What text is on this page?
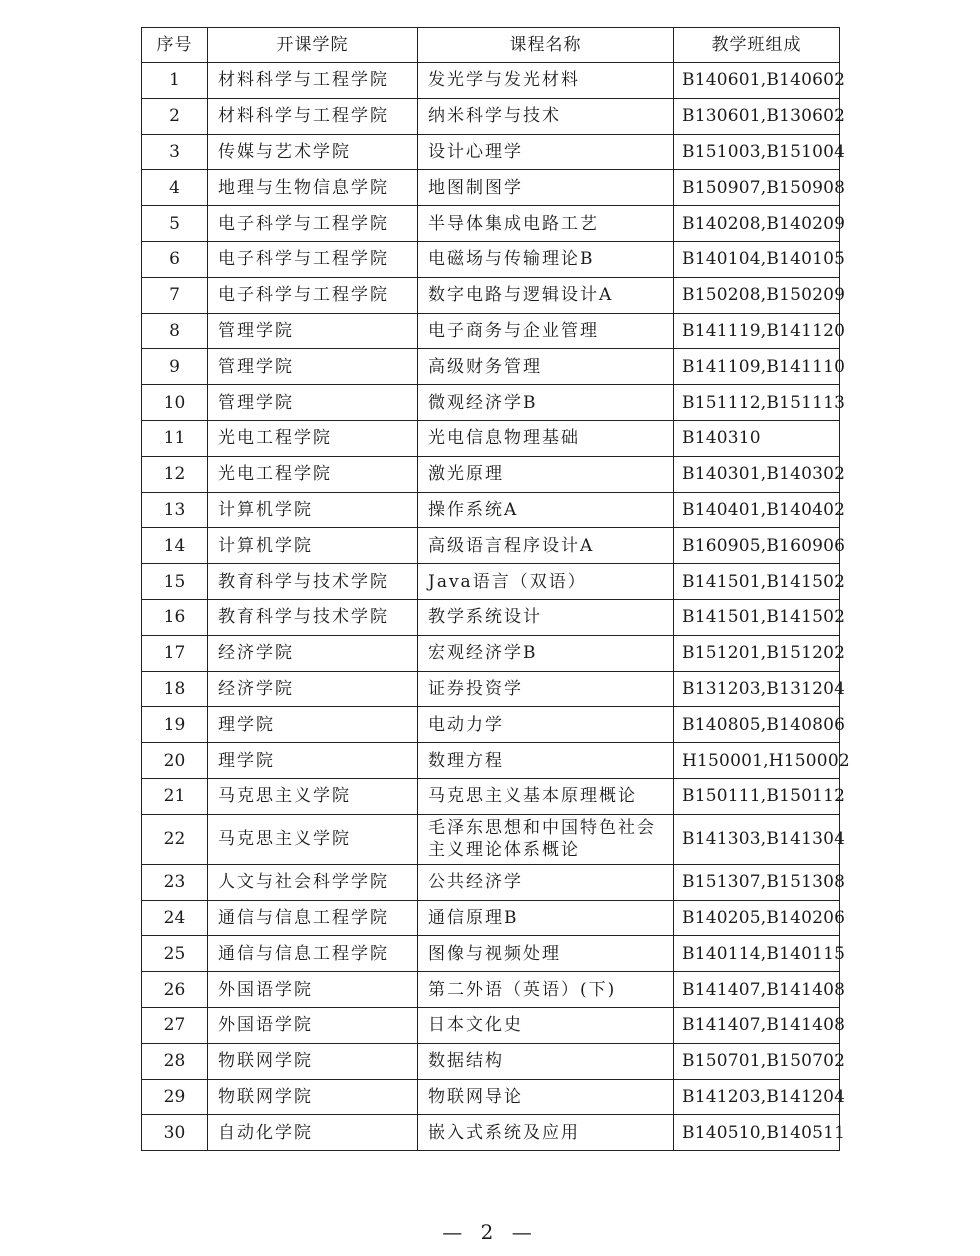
序号	开课学院	课程名称	教学班组成
1	材料科学与工程学院	发光学与发光材料	B140601,B140602
2	材料科学与工程学院	纳米科学与技术	B130601,B130602
3	传媒与艺术学院	设计心理学	B151003,B151004
4	地理与生物信息学院	地图制图学	B150907,B150908
5	电子科学与工程学院	半导体集成电路工艺	B140208,B140209
6	电子科学与工程学院	电磁场与传输理论B	B140104,B140105
7	电子科学与工程学院	数字电路与逻辑设计A	B150208,B150209
8	管理学院	电子商务与企业管理	B141119,B141120
9	管理学院	高级财务管理	B141109,B141110
10	管理学院	微观经济学B	B151112,B151113
11	光电工程学院	光电信息物理基础	B140310
12	光电工程学院	激光原理	B140301,B140302
13	计算机学院	操作系统A	B140401,B140402
14	计算机学院	高级语言程序设计A	B160905,B160906
15	教育科学与技术学院	Java语言（双语）	B141501,B141502
16	教育科学与技术学院	教学系统设计	B141501,B141502
17	经济学院	宏观经济学B	B151201,B151202
18	经济学院	证券投资学	B131203,B131204
19	理学院	电动力学	B140805,B140806
20	理学院	数理方程	H150001,H150002
21	马克思主义学院	马克思主义基本原理概论	B150111,B150112
22	马克思主义学院	毛泽东思想和中国特色社会主义理论体系概论	B141303,B141304
23	人文与社会科学学院	公共经济学	B151307,B151308
24	通信与信息工程学院	通信原理B	B140205,B140206
25	通信与信息工程学院	图像与视频处理	B140114,B140115
26	外国语学院	第二外语（英语）(下)	B141407,B141408
27	外国语学院	日本文化史	B141407,B141408
28	物联网学院	数据结构	B150701,B150702
29	物联网学院	物联网导论	B141203,B141204
30	自动化学院	嵌入式系统及应用	B140510,B140511
— 2 —
